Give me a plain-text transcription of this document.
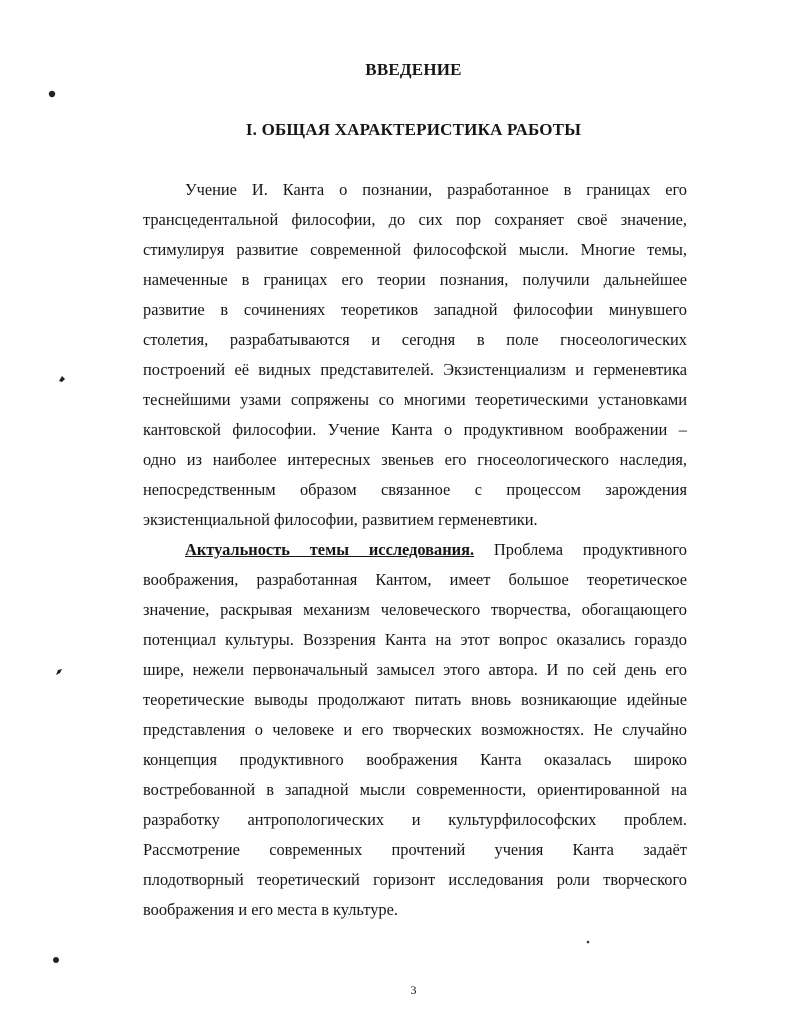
ВВЕДЕНИЕ
I. ОБЩАЯ ХАРАКТЕРИСТИКА РАБОТЫ
Учение И. Канта о познании, разработанное в границах его
трансцедентальной философии, до сих пор сохраняет своё значение,
стимулируя развитие современной философской мысли. Многие темы,
намеченные в границах его теории познания, получили дальнейшее
развитие в сочинениях теоретиков западной философии минувшего
столетия, разрабатываются и сегодня в поле гносеологических
построений её видных представителей. Экзистенциализм и герменевтика
теснейшими узами сопряжены со многими теоретическими установками
кантовской философии. Учение Канта о продуктивном воображении –
одно из наиболее интересных звеньев его гносеологического наследия,
непосредственным образом связанное с процессом зарождения
экзистенциальной философии, развитием герменевтики.
Актуальность темы исследования. Проблема продуктивного
воображения, разработанная Кантом, имеет большое теоретическое
значение, раскрывая механизм человеческого творчества, обогащающего
потенциал культуры. Воззрения Канта на этот вопрос оказались гораздо
шире, нежели первоначальный замысел этого автора. И по сей день его
теоретические выводы продолжают питать вновь возникающие идейные
представления о человеке и его творческих возможностях. Не случайно
концепция продуктивного воображения Канта оказалась широко
востребованной в западной мысли современности, ориентированной на
разработку антропологических и культурфилософских проблем.
Рассмотрение современных прочтений учения Канта задаёт
плодотворный теоретический горизонт исследования роли творческого
воображения и его места в культуре.
3
